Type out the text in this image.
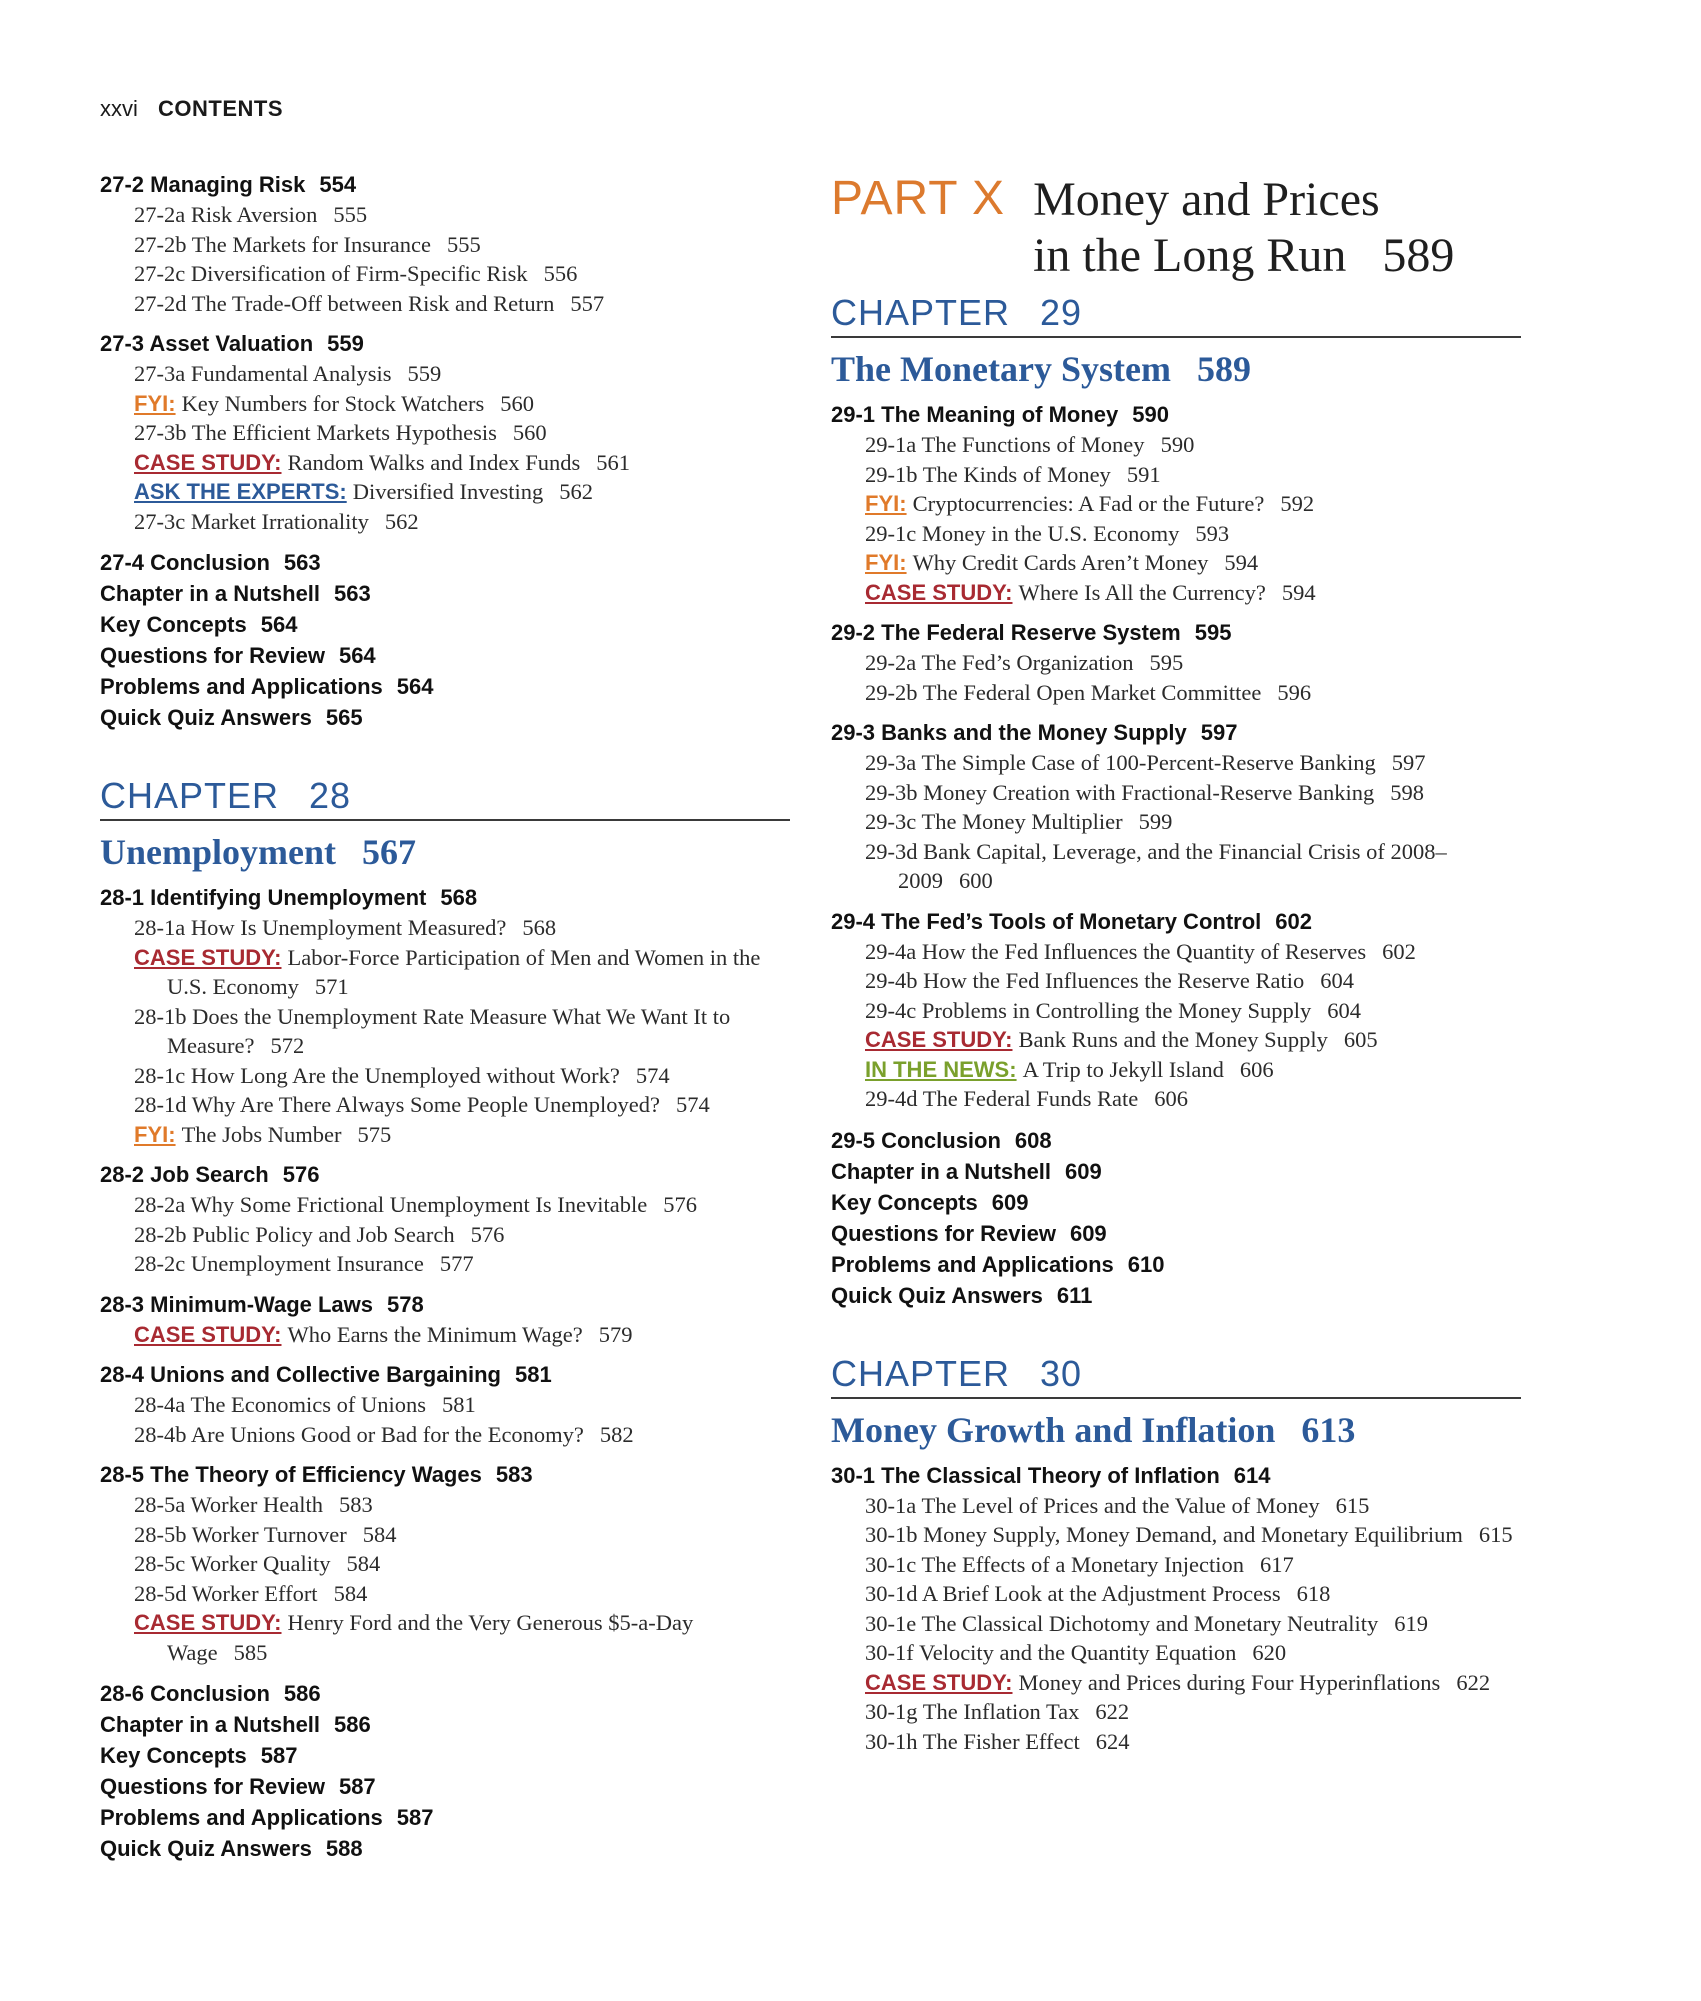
xxvi CONTENTS
27-2 Managing Risk 554
27-2a Risk Aversion 555
27-2b The Markets for Insurance 555
27-2c Diversification of Firm-Specific Risk 556
27-2d The Trade-Off between Risk and Return 557
27-3 Asset Valuation 559
27-3a Fundamental Analysis 559
FYI: Key Numbers for Stock Watchers 560
27-3b The Efficient Markets Hypothesis 560
CASE STUDY: Random Walks and Index Funds 561
ASK THE EXPERTS: Diversified Investing 562
27-3c Market Irrationality 562
27-4 Conclusion 563
Chapter in a Nutshell 563
Key Concepts 564
Questions for Review 564
Problems and Applications 564
Quick Quiz Answers 565
CHAPTER 28
Unemployment 567
28-1 Identifying Unemployment 568
28-1a How Is Unemployment Measured? 568
CASE STUDY: Labor-Force Participation of Men and Women in the U.S. Economy 571
28-1b Does the Unemployment Rate Measure What We Want It to Measure? 572
28-1c How Long Are the Unemployed without Work? 574
28-1d Why Are There Always Some People Unemployed? 574
FYI: The Jobs Number 575
28-2 Job Search 576
28-2a Why Some Frictional Unemployment Is Inevitable 576
28-2b Public Policy and Job Search 576
28-2c Unemployment Insurance 577
28-3 Minimum-Wage Laws 578
CASE STUDY: Who Earns the Minimum Wage? 579
28-4 Unions and Collective Bargaining 581
28-4a The Economics of Unions 581
28-4b Are Unions Good or Bad for the Economy? 582
28-5 The Theory of Efficiency Wages 583
28-5a Worker Health 583
28-5b Worker Turnover 584
28-5c Worker Quality 584
28-5d Worker Effort 584
CASE STUDY: Henry Ford and the Very Generous $5-a-Day Wage 585
28-6 Conclusion 586
Chapter in a Nutshell 586
Key Concepts 587
Questions for Review 587
Problems and Applications 587
Quick Quiz Answers 588
PART X Money and Prices
in the Long Run 589
CHAPTER 29
The Monetary System 589
29-1 The Meaning of Money 590
29-1a The Functions of Money 590
29-1b The Kinds of Money 591
FYI: Cryptocurrencies: A Fad or the Future? 592
29-1c Money in the U.S. Economy 593
FYI: Why Credit Cards Aren’t Money 594
CASE STUDY: Where Is All the Currency? 594
29-2 The Federal Reserve System 595
29-2a The Fed’s Organization 595
29-2b The Federal Open Market Committee 596
29-3 Banks and the Money Supply 597
29-3a The Simple Case of 100-Percent-Reserve Banking 597
29-3b Money Creation with Fractional-Reserve Banking 598
29-3c The Money Multiplier 599
29-3d Bank Capital, Leverage, and the Financial Crisis of 2008–2009 600
29-4 The Fed’s Tools of Monetary Control 602
29-4a How the Fed Influences the Quantity of Reserves 602
29-4b How the Fed Influences the Reserve Ratio 604
29-4c Problems in Controlling the Money Supply 604
CASE STUDY: Bank Runs and the Money Supply 605
IN THE NEWS: A Trip to Jekyll Island 606
29-4d The Federal Funds Rate 606
29-5 Conclusion 608
Chapter in a Nutshell 609
Key Concepts 609
Questions for Review 609
Problems and Applications 610
Quick Quiz Answers 611
CHAPTER 30
Money Growth and Inflation 613
30-1 The Classical Theory of Inflation 614
30-1a The Level of Prices and the Value of Money 615
30-1b Money Supply, Money Demand, and Monetary Equilibrium 615
30-1c The Effects of a Monetary Injection 617
30-1d A Brief Look at the Adjustment Process 618
30-1e The Classical Dichotomy and Monetary Neutrality 619
30-1f Velocity and the Quantity Equation 620
CASE STUDY: Money and Prices during Four Hyperinflations 622
30-1g The Inflation Tax 622
30-1h The Fisher Effect 624
